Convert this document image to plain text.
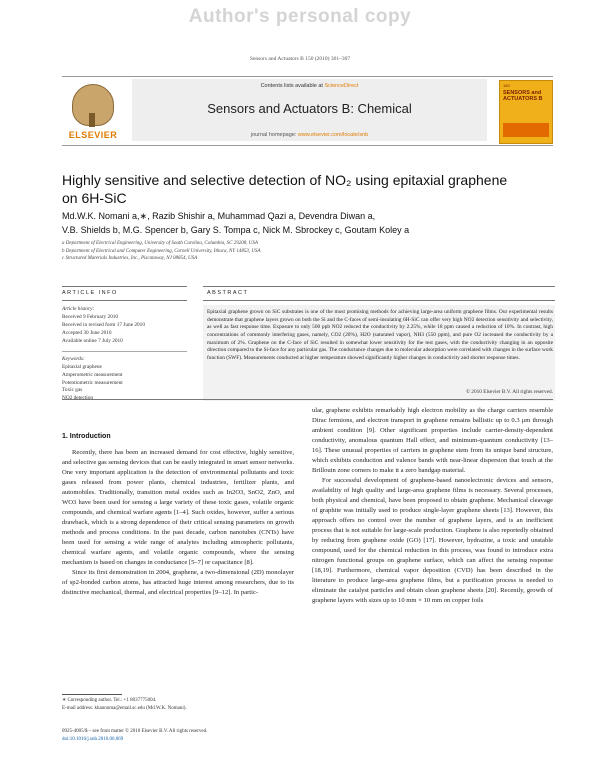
Author's personal copy
Sensors and Actuators B 150 (2010) 301–307
ELSEVIER
Contents lists available at ScienceDirect
Sensors and Actuators B: Chemical
journal homepage: www.elsevier.com/locate/snb
150
SENSORS and ACTUATORS B
Highly sensitive and selective detection of NO₂ using epitaxial graphene on 6H-SiC
Md.W.K. Nomani a,∗, Razib Shishir a, Muhammad Qazi a, Devendra Diwan a,
V.B. Shields b, M.G. Spencer b, Gary S. Tompa c, Nick M. Sbrockey c, Goutam Koley a
a Department of Electrical Engineering, University of South Carolina, Columbia, SC 29208, USA
b Department of Electrical and Computer Engineering, Cornell University, Ithaca, NY 14853, USA
c Structured Materials Industries, Inc., Piscataway, NJ 08854, USA
ARTICLE INFO	ABSTRACT
Article history:
Received 9 February 2010
Received in revised form 17 June 2010
Accepted 30 June 2010
Available online 7 July 2010
Keywords:
Epitaxial graphene
Amperometric measurement
Potentiometric measurement
Toxic gas
Epitaxial graphene grown on SiC substrates is one of the most promising methods for achieving large-area uniform graphene films. Our experimental results demonstrate that graphene layers grown on both the Si and the C-faces of semi-insulating 6H-SiC can offer very high NO2 detection sensitivity and selectivity, as well as fast response time. Exposure to only 500 ppb NO2 reduced the conductivity by 2.25%, while 18 ppm caused a reduction of 10%. In contrast, high concentrations of commonly interfering gases, namely, CO2 (20%), H2O (saturated vapor), NH3 (550 ppm), and pure O2 increased the conductivity by a maximum of 2%. Graphene on the C-face of SiC resulted in somewhat lower sensitivity for the test gases, with the conductivity changing in an opposite direction compared to the Si-face for any particular gas. The conductance changes due to molecular adsorption were correlated with changes in the surface work function (SWF). Measurements conducted at higher temperature showed significantly higher changes in conductivity and shorter response times.
© 2010 Elsevier B.V. All rights reserved.
1. Introduction

Recently, there has been an increased demand for cost effective, highly sensitive, and selective gas sensing devices that can be easily integrated in smart sensor networks. One very important application is the detection of environmental pollutants and toxic gases released from power plants, chemical industries, fertilizer plants, and automobiles. Traditionally, transition metal oxides such as In2O3, SnO2, ZnO, and WO3 have been used for sensing a large variety of these toxic gases, volatile organic compounds, and chemical warfare agents [1–4]. Such oxides, however, suffer a serious drawback, which is a strong dependence of their critical sensing parameters on growth methods and process conditions. In the past decade, carbon nanotubes (CNTs) have been used for sensing a wide range of analytes including atmospheric pollutants, chemical warfare agents, and volatile organic compounds, where the sensing mechanism is based on changes in conductance [5–7] or capacitance [8].

Since its first demonstration in 2004, graphene, a two-dimensional (2D) monolayer of sp2-bonded carbon atoms, has attracted huge interest among researchers, due to its distinctive mechanical, thermal, and electrical properties [9–12]. In partic-

ular, graphene exhibits remarkably high electron mobility as the charge carriers resemble Dirac fermions, and electron transport in graphene remains ballistic up to 0.3 μm through ambient condition [9]. Other significant properties include carrier-density-dependent conductivity, anomalous quantum Hall effect, and minimum-quantum conductivity [13–16]. These unusual properties of carriers in graphene stem from its unique band structure, which exhibits conduction and valence bands with near-linear dispersion that touch at the Brillouin zone corners to make it a zero bandgap material.

For successful development of graphene-based nanoelectronic devices and sensors, availability of high quality and large-area graphene films is necessary. Several processes, both physical and chemical, have been proposed to obtain graphene. Mechanical cleavage of graphite was initially used to produce single-layer graphene sheets [13]. However, this approach offers no control over the number of graphene layers, and is an inefficient process that is not suitable for large-scale production. Graphene is also reportedly obtained by reducing from graphene oxide (GO) [17]. However, hydrazine, a toxic and unstable compound, used for the chemical reduction in this process, was found to introduce extra nitrogen functional groups on graphene surface, which can affect the sensing response [18,19]. Furthermore, chemical vapor deposition (CVD) has been described in the literature to produce large-area graphene films, but a purification process is needed to eliminate the catalyst particles and obtain clean graphene sheets [20]. Recently, growth of graphene layers with sizes up to 10 mm × 10 mm on copper foils

∗ Corresponding author. Tel.: +1 8037775004.
E-mail address: khannoma@email.sc.edu (Md.W.K. Nomani).
0925-4005/$ – see front matter © 2010 Elsevier B.V. All rights reserved.
doi:10.1016/j.snb.2010.06.069
